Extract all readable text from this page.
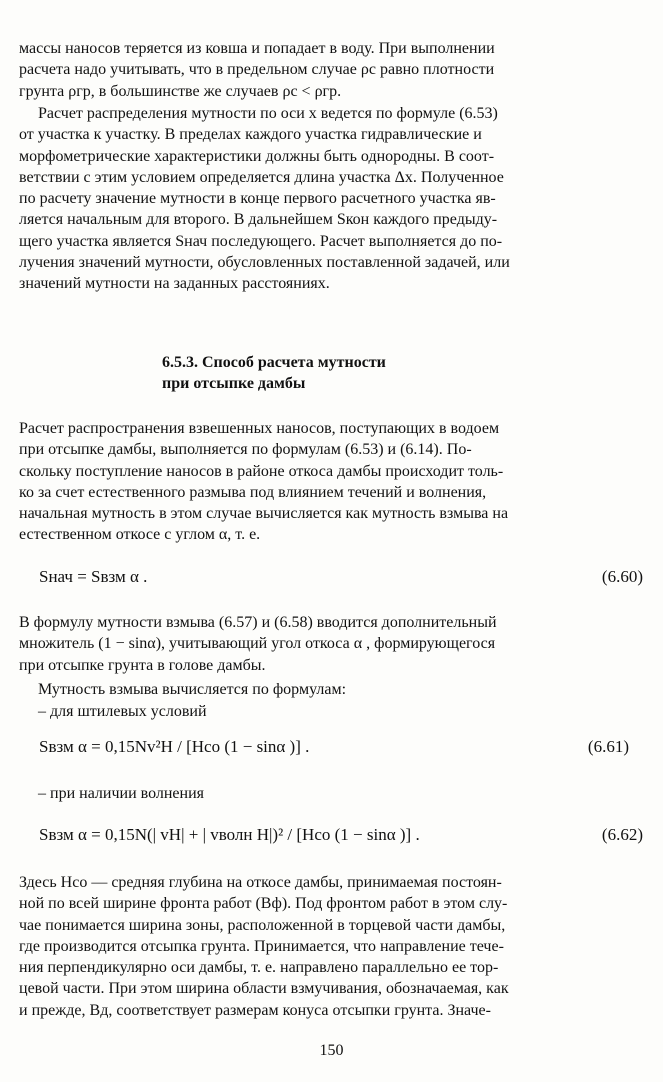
массы наносов теряется из ковша и попадает в воду. При выполнении
расчета надо учитывать, что в предельном случае ρс равно плотности
грунта ρгр, в большинстве же случаев ρс < ρгр.

Расчет распределения мутности по оси x ведется по формуле (6.53)
от участка к участку. В пределах каждого участка гидравлические и
морфометрические характеристики должны быть однородны. В соот-
ветствии с этим условием определяется длина участка Δx. Полученное
по расчету значение мутности в конце первого расчетного участка яв-
ляется начальным для второго. В дальнейшем Sкон каждого предыду-
щего участка является Sнач последующего. Расчет выполняется до по-
лучения значений мутности, обусловленных поставленной задачей, или
значений мутности на заданных расстояниях.

6.5.3. Способ расчета мутности
при отсыпке дамбы

Расчет распространения взвешенных наносов, поступающих в водоем
при отсыпке дамбы, выполняется по формулам (6.53) и (6.14). По-
скольку поступление наносов в районе откоса дамбы происходит толь-
ко за счет естественного размыва под влиянием течений и волнения,
начальная мутность в этом случае вычисляется как мутность взмыва на
естественном откосе с углом α, т. е.

Sнач = Sвзм α .	(6.60)

В формулу мутности взмыва (6.57) и (6.58) вводится дополнительный
множитель (1 − sinα), учитывающий угол откоса α , формирующегося
при отсыпке грунта в голове дамбы.

Мутность взмыва вычисляется по формулам:
– для штилевых условий
Sвзм α = 0,15Nv²H / [Hсо (1 − sinα )] .	(6.61)
– при наличии волнения
Sвзм α = 0,15N(| vH| + | vволн H|)² / [Hсо (1 − sinα )] .	(6.62)

Здесь Hсо — средняя глубина на откосе дамбы, принимаемая постоян-
ной по всей ширине фронта работ (Bф). Под фронтом работ в этом слу-
чае понимается ширина зоны, расположенной в торцевой части дамбы,
где производится отсыпка грунта. Принимается, что направление тече-
ния перпендикулярно оси дамбы, т. е. направлено параллельно ее тор-
цевой части. При этом ширина области взмучивания, обозначаемая, как
и прежде, Bд, соответствует размерам конуса отсыпки грунта. Значе-

150
